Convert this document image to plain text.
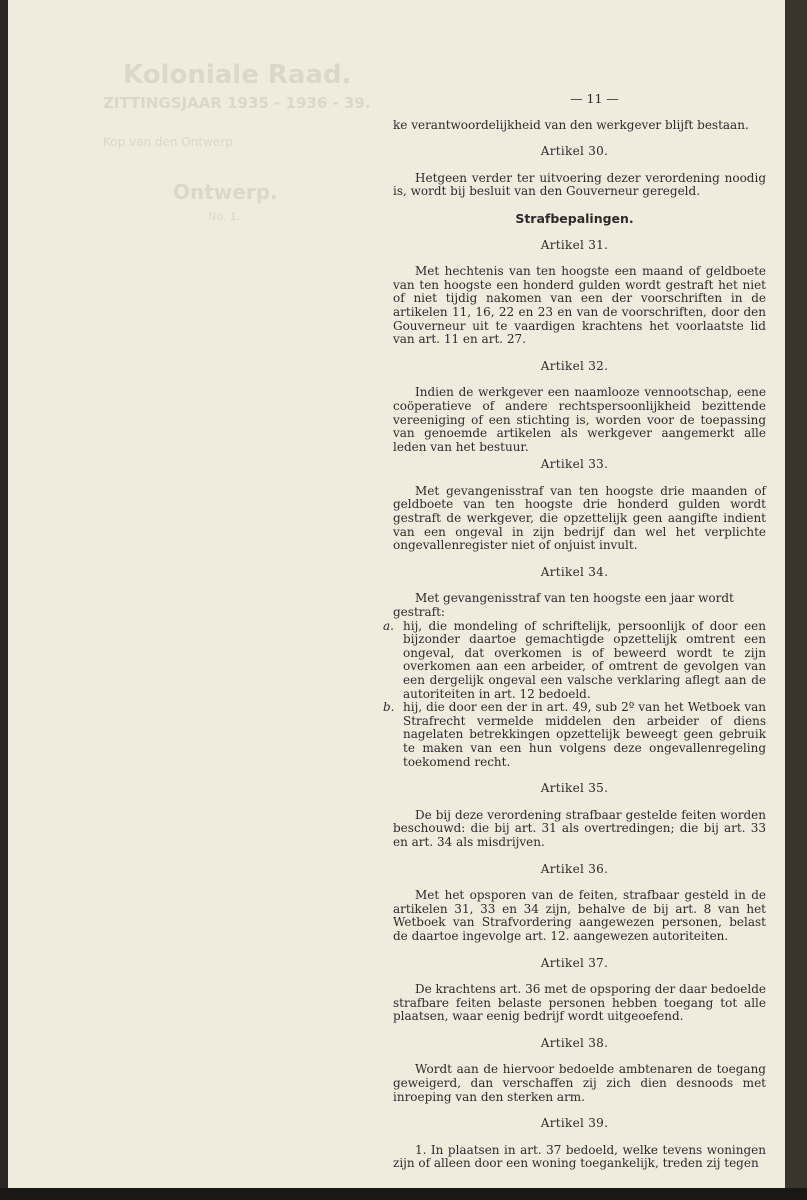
Koloniale Raad.
ZITTINGSJAAR 1935 - 1936 - 39.
Kop van den Ontwerp
Ontwerp.
No. 1.
— 11 —

ke verantwoordelijkheid van den werkgever blijft bestaan.

Artikel 30.

Hetgeen verder ter uitvoering dezer verordening noodig is, wordt bij besluit van den Gouverneur geregeld.

Strafbepalingen.
Artikel 31.

Met hechtenis van ten hoogste een maand of geldboete van ten hoogste een honderd gulden wordt gestraft het niet of niet tijdig nakomen van een der voorschriften in de artikelen 11, 16, 22 en 23 en van de voorschriften, door den Gouverneur uit te vaardigen krachtens het voorlaatste lid van art. 11 en art. 27.

Artikel 32.

Indien de werkgever een naamlooze vennootschap, eene coöperatieve of andere rechtspersoonlijkheid bezittende vereeniging of een stichting is, worden voor de toepassing van genoemde artikelen als werkgever aangemerkt alle leden van het bestuur.

Artikel 33.

Met gevangenisstraf van ten hoogste drie maanden of geldboete van ten hoogste drie honderd gulden wordt gestraft de werkgever, die opzettelijk geen aangifte indient van een ongeval in zijn bedrijf dan wel het verplichte ongevallenregister niet of onjuist invult.

Artikel 34.

Met gevangenisstraf van ten hoogste een jaar wordt gestraft:

a. hij, die mondeling of schriftelijk, persoonlijk of door een bijzonder daartoe gemachtigde opzettelijk omtrent een ongeval, dat overkomen is of beweerd wordt te zijn overkomen aan een arbeider, of omtrent de gevolgen van een dergelijk ongeval een valsche verklaring aflegt aan de autoriteiten in art. 12 bedoeld.
b. hij, die door een der in art. 49, sub 2º van het Wetboek van Strafrecht vermelde middelen den arbeider of diens nagelaten betrekkingen opzettelijk beweegt geen gebruik te maken van een hun volgens deze ongevallenregeling toekomend recht.
Artikel 35.

De bij deze verordening strafbaar gestelde feiten worden beschouwd: die bij art. 31 als overtredingen; die bij art. 33 en art. 34 als misdrijven.

Artikel 36.

Met het opsporen van de feiten, strafbaar gesteld in de artikelen 31, 33 en 34 zijn, behalve de bij art. 8 van het Wetboek van Strafvordering aangewezen personen, belast de daartoe ingevolge art. 12. aangewezen autoriteiten.

Artikel 37.

De krachtens art. 36 met de opsporing der daar bedoelde strafbare feiten belaste personen hebben toegang tot alle plaatsen, waar eenig bedrijf wordt uitgeoefend.

Artikel 38.

Wordt aan de hiervoor bedoelde ambtenaren de toegang geweigerd, dan verschaffen zij zich dien desnoods met inroeping van den sterken arm.

Artikel 39.

1. In plaatsen in art. 37 bedoeld, welke tevens woningen zijn of alleen door een woning toegankelijk, treden zij tegen
